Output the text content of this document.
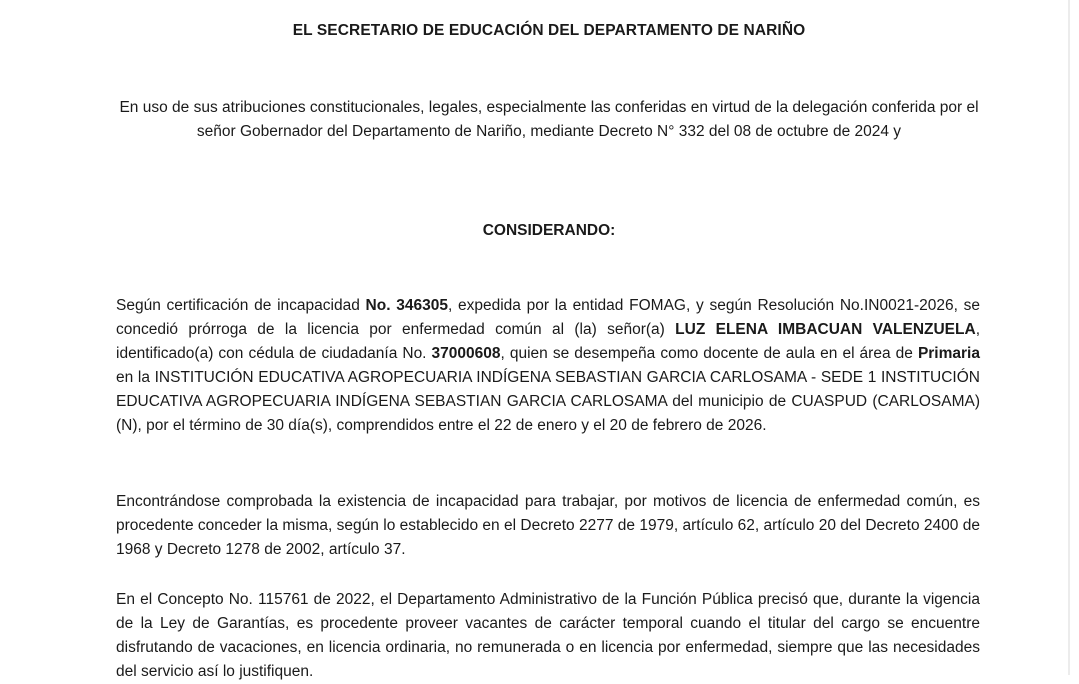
EL SECRETARIO DE EDUCACIÓN DEL DEPARTAMENTO DE NARIÑO
En uso de sus atribuciones constitucionales, legales, especialmente las conferidas en virtud de la delegación conferida por el señor Gobernador del Departamento de Nariño, mediante Decreto N° 332 del 08 de octubre de 2024 y
CONSIDERANDO:
Según certificación de incapacidad No. 346305, expedida por la entidad FOMAG, y según Resolución No.IN0021-2026, se concedió prórroga de la licencia por enfermedad común al (la) señor(a) LUZ ELENA IMBACUAN VALENZUELA, identificado(a) con cédula de ciudadanía No. 37000608, quien se desempeña como docente de aula en el área de Primaria en la INSTITUCIÓN EDUCATIVA AGROPECUARIA INDÍGENA SEBASTIAN GARCIA CARLOSAMA - SEDE 1 INSTITUCIÓN EDUCATIVA AGROPECUARIA INDÍGENA SEBASTIAN GARCIA CARLOSAMA del municipio de CUASPUD (CARLOSAMA) (N), por el término de 30 día(s), comprendidos entre el 22 de enero y el 20 de febrero de 2026.
Encontrándose comprobada la existencia de incapacidad para trabajar, por motivos de licencia de enfermedad común, es procedente conceder la misma, según lo establecido en el Decreto 2277 de 1979, artículo 62, artículo 20 del Decreto 2400 de 1968 y Decreto 1278 de 2002, artículo 37.
En el Concepto No. 115761 de 2022, el Departamento Administrativo de la Función Pública precisó que, durante la vigencia de la Ley de Garantías, es procedente proveer vacantes de carácter temporal cuando el titular del cargo se encuentre disfrutando de vacaciones, en licencia ordinaria, no remunerada o en licencia por enfermedad, siempre que las necesidades del servicio así lo justifiquen.
